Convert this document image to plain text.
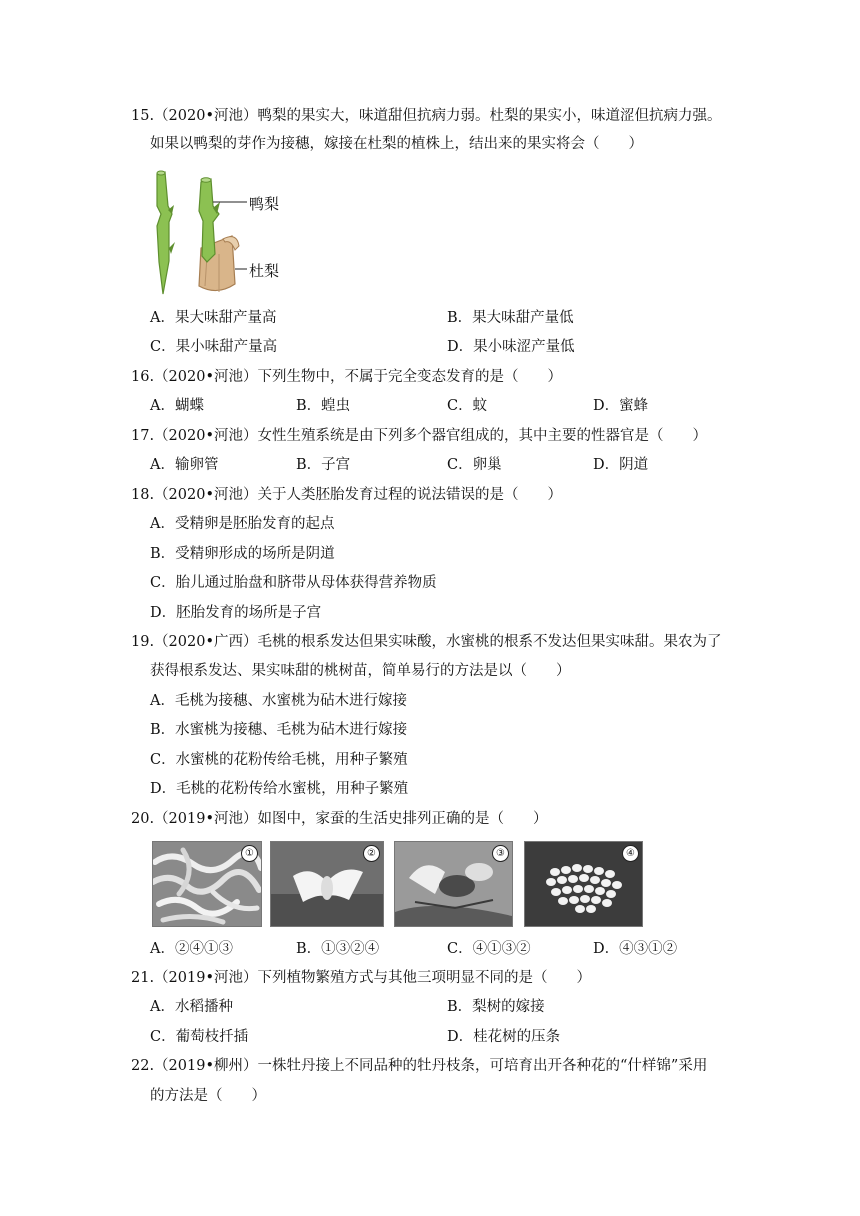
15.（2020•河池）鸭梨的果实大，味道甜但抗病力弱。杜梨的果实小，味道涩但抗病力强。
如果以鸭梨的芽作为接穗，嫁接在杜梨的植株上，结出来的果实将会（　　）
鸭梨
杜梨
A．果大味甜产量高	B．果大味甜产量低
C．果小味甜产量高	D．果小味涩产量低
16.（2020•河池）下列生物中，不属于完全变态发育的是（　　）
A．蝴蝶	B．蝗虫	C．蚊	D．蜜蜂
17.（2020•河池）女性生殖系统是由下列多个器官组成的，其中主要的性器官是（　　）
A．输卵管	B．子宫	C．卵巢	D．阴道
18.（2020•河池）关于人类胚胎发育过程的说法错误的是（　　）
A．受精卵是胚胎发育的起点
B．受精卵形成的场所是阴道
C．胎儿通过胎盘和脐带从母体获得营养物质
D．胚胎发育的场所是子宫
19.（2020•广西）毛桃的根系发达但果实味酸，水蜜桃的根系不发达但果实味甜。果农为了
获得根系发达、果实味甜的桃树苗，简单易行的方法是以（　　）
A．毛桃为接穗、水蜜桃为砧木进行嫁接
B．水蜜桃为接穗、毛桃为砧木进行嫁接
C．水蜜桃的花粉传给毛桃，用种子繁殖
D．毛桃的花粉传给水蜜桃，用种子繁殖
20.（2019•河池）如图中，家蚕的生活史排列正确的是（　　）
①	②	③	④
A．②④①③	B．①③②④	C．④①③②	D．④③①②
21.（2019•河池）下列植物繁殖方式与其他三项明显不同的是（　　）
A．水稻播种	B．梨树的嫁接
C．葡萄枝扦插	D．桂花树的压条
22.（2019•柳州）一株牡丹接上不同品种的牡丹枝条，可培育出开各种花的“什样锦”采用
的方法是（　　）
